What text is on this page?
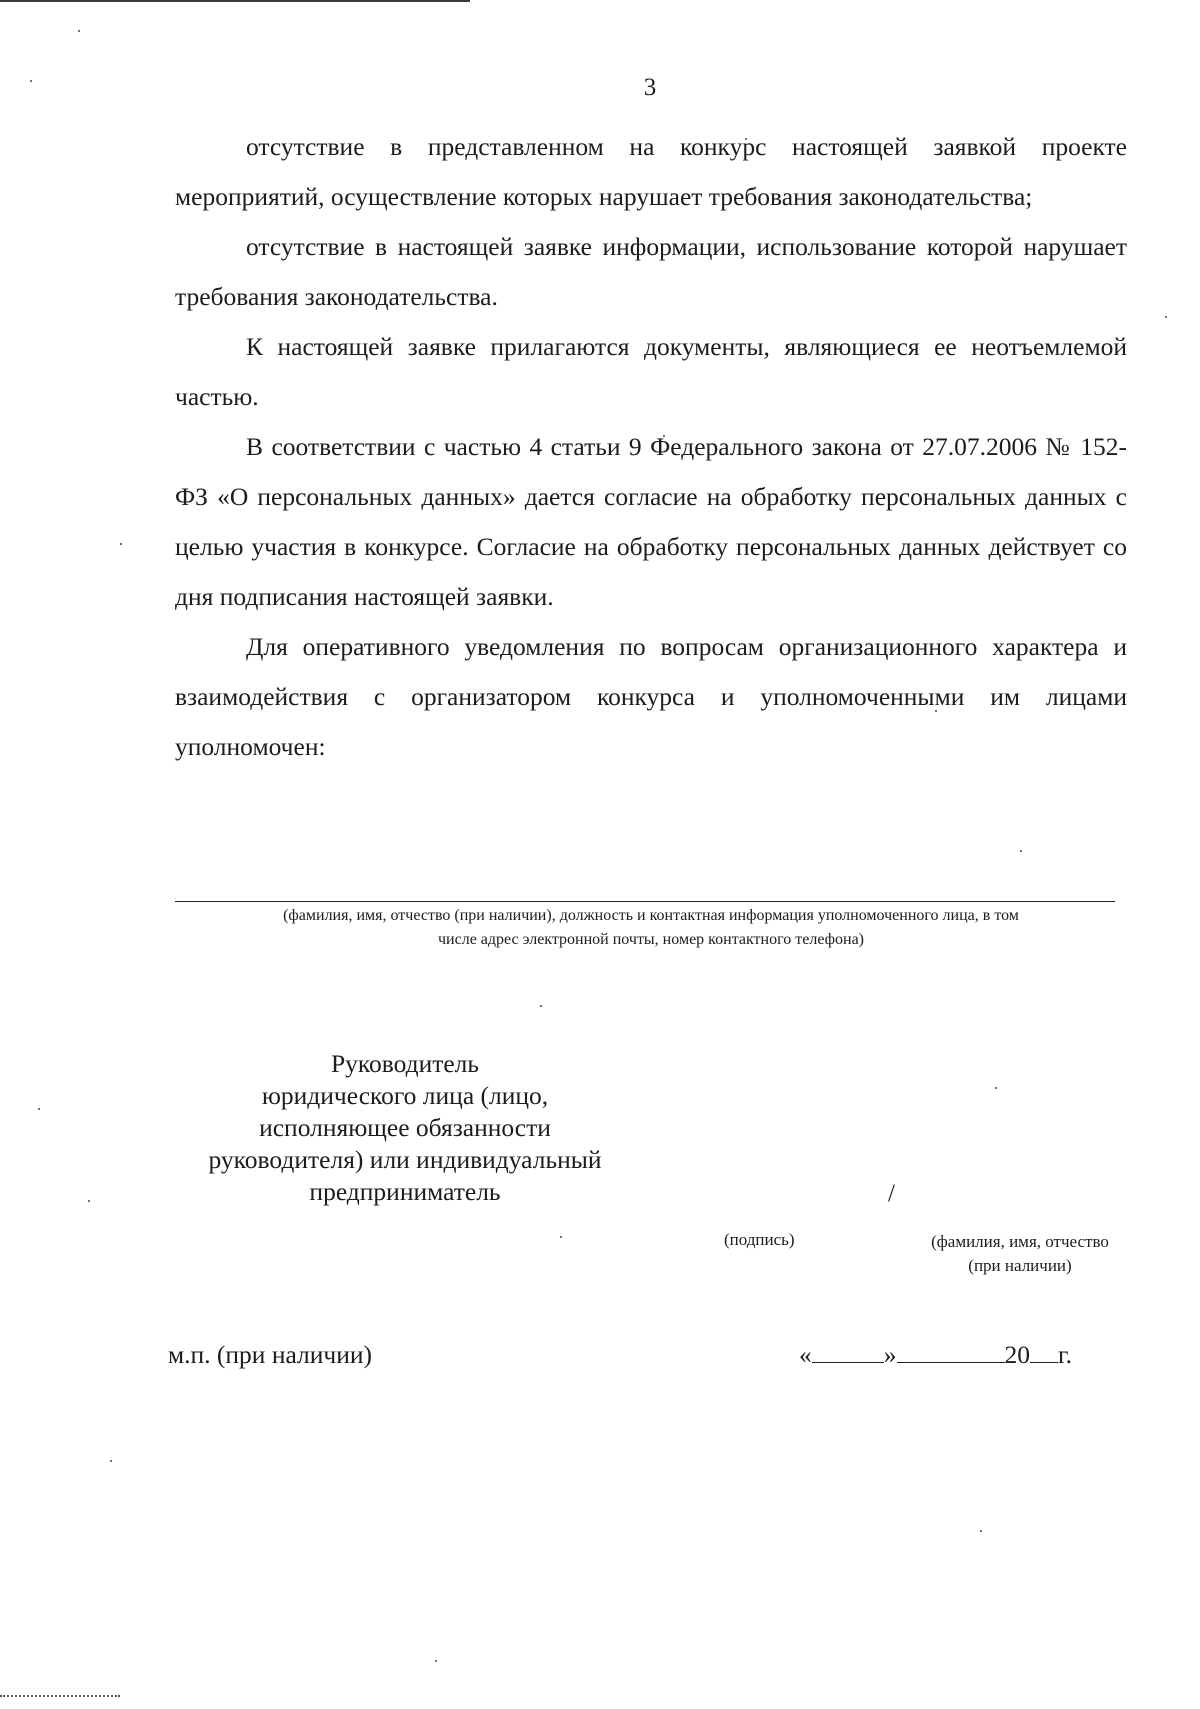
3

отсутствие в представленном на конкурс настоящей заявкой проекте мероприятий, осуществление которых нарушает требования законодательства;

отсутствие в настоящей заявке информации, использование которой нарушает требования законодательства.

К настоящей заявке прилагаются документы, являющиеся ее неотъемлемой частью.

В соответствии с частью 4 статьи 9 Федерального закона от 27.07.2006 № 152-ФЗ «О персональных данных» дается согласие на обработку персональных данных с целью участия в конкурсе. Согласие на обработку персональных данных действует со дня подписания настоящей заявки.

Для оперативного уведомления по вопросам организационного характера и взаимодействия с организатором конкурса и уполномоченными им лицами уполномочен:

(фамилия, имя, отчество (при наличии), должность и контактная информация уполномоченного лица, в том
числе адрес электронной почты, номер контактного телефона)
Руководитель
юридического лица (лицо,
исполняющее обязанности
руководителя) или индивидуальный
предприниматель	/
(подпись)	(фамилия, имя, отчество
(при наличии)
м.п. (при наличии)	«	»	20 г.
